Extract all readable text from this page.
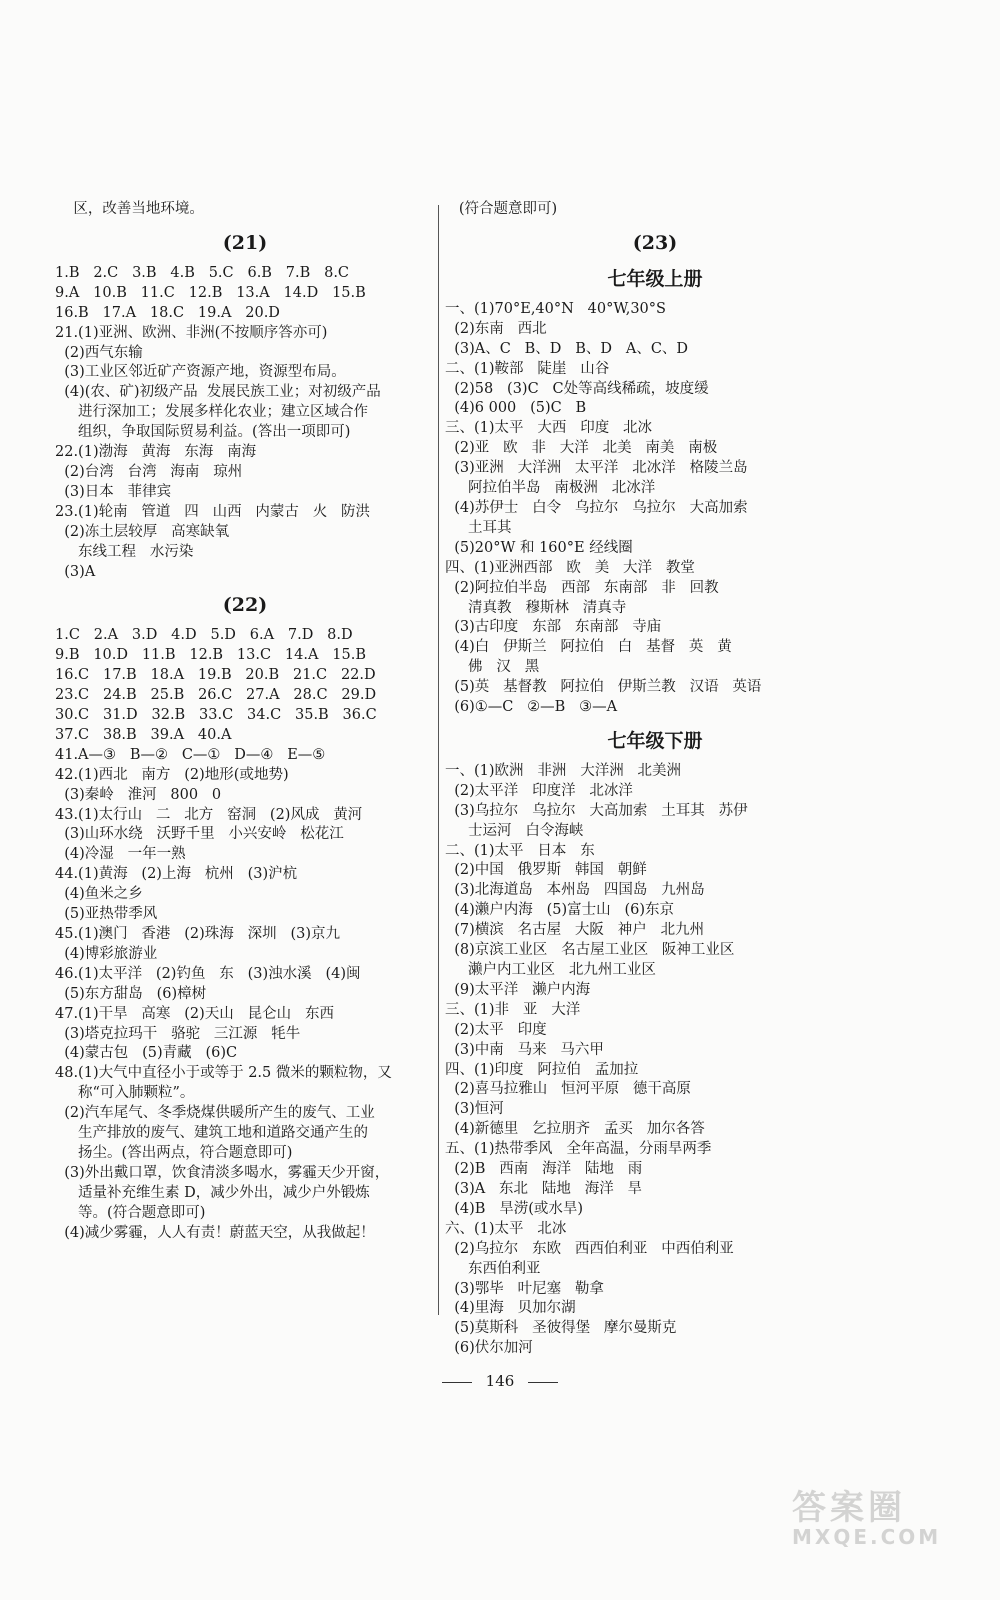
区，改善当地环境。
(21)
1.B   2.C   3.B   4.B   5.C   6.B   7.B   8.C
9.A   10.B   11.C   12.B   13.A   14.D   15.B
16.B   17.A   18.C   19.A   20.D
21.(1)亚洲、欧洲、非洲(不按顺序答亦可)
(2)西气东输
(3)工业区邻近矿产资源产地，资源型布局。
(4)(农、矿)初级产品  发展民族工业；对初级产品
进行深加工；发展多样化农业；建立区域合作
组织，争取国际贸易利益。(答出一项即可)
22.(1)渤海   黄海   东海   南海
(2)台湾   台湾   海南   琼州
(3)日本   菲律宾
23.(1)轮南   管道   四   山西   内蒙古   火   防洪
(2)冻土层较厚   高寒缺氧
东线工程   水污染
(3)A
(22)
1.C   2.A   3.D   4.D   5.D   6.A   7.D   8.D
9.B   10.D   11.B   12.B   13.C   14.A   15.B
16.C   17.B   18.A   19.B   20.B   21.C   22.D
23.C   24.B   25.B   26.C   27.A   28.C   29.D
30.C   31.D   32.B   33.C   34.C   35.B   36.C
37.C   38.B   39.A   40.A
41.A—③   B—②   C—①   D—④   E—⑤
42.(1)西北   南方   (2)地形(或地势)
(3)秦岭   淮河   800   0
43.(1)太行山   二   北方   窑洞   (2)风成   黄河
(3)山环水绕   沃野千里   小兴安岭   松花江
(4)冷湿   一年一熟
44.(1)黄海   (2)上海   杭州   (3)沪杭
(4)鱼米之乡
(5)亚热带季风
45.(1)澳门   香港   (2)珠海   深圳   (3)京九
(4)博彩旅游业
46.(1)太平洋   (2)钓鱼   东   (3)浊水溪   (4)闽
(5)东方甜岛   (6)樟树
47.(1)干旱   高寒   (2)天山   昆仑山   东西
(3)塔克拉玛干   骆驼   三江源   牦牛
(4)蒙古包   (5)青藏   (6)C
48.(1)大气中直径小于或等于 2.5 微米的颗粒物，又
称“可入肺颗粒”。
(2)汽车尾气、冬季烧煤供暖所产生的废气、工业
生产排放的废气、建筑工地和道路交通产生的
扬尘。(答出两点，符合题意即可)
(3)外出戴口罩，饮食清淡多喝水，雾霾天少开窗，
适量补充维生素 D，减少外出，减少户外锻炼
等。(符合题意即可)
(4)减少雾霾，人人有责！蔚蓝天空，从我做起！
(符合题意即可)
(23)
七年级上册
一、(1)70°E,40°N   40°W,30°S
(2)东南   西北
(3)A、C   B、D   B、D   A、C、D
二、(1)鞍部   陡崖   山谷
(2)58   (3)C   C处等高线稀疏，坡度缓
(4)6 000   (5)C   B
三、(1)太平   大西   印度   北冰
(2)亚   欧   非   大洋   北美   南美   南极
(3)亚洲   大洋洲   太平洋   北冰洋   格陵兰岛
阿拉伯半岛   南极洲   北冰洋
(4)苏伊士   白令   乌拉尔   乌拉尔   大高加索
土耳其
(5)20°W 和 160°E 经线圈
四、(1)亚洲西部   欧   美   大洋   教堂
(2)阿拉伯半岛   西部   东南部   非   回教
清真教   穆斯林   清真寺
(3)古印度   东部   东南部   寺庙
(4)白   伊斯兰   阿拉伯   白   基督   英   黄
佛   汉   黑
(5)英   基督教   阿拉伯   伊斯兰教   汉语   英语
(6)①—C   ②—B   ③—A
七年级下册
一、(1)欧洲   非洲   大洋洲   北美洲
(2)太平洋   印度洋   北冰洋
(3)乌拉尔   乌拉尔   大高加索   土耳其   苏伊
士运河   白令海峡
二、(1)太平   日本   东
(2)中国   俄罗斯   韩国   朝鲜
(3)北海道岛   本州岛   四国岛   九州岛
(4)濑户内海   (5)富士山   (6)东京
(7)横滨   名古屋   大阪   神户   北九州
(8)京滨工业区   名古屋工业区   阪神工业区
濑户内工业区   北九州工业区
(9)太平洋   濑户内海
三、(1)非   亚   大洋
(2)太平   印度
(3)中南   马来   马六甲
四、(1)印度   阿拉伯   孟加拉
(2)喜马拉雅山   恒河平原   德干高原
(3)恒河
(4)新德里   乞拉朋齐   孟买   加尔各答
五、(1)热带季风   全年高温，分雨旱两季
(2)B   西南   海洋   陆地   雨
(3)A   东北   陆地   海洋   旱
(4)B   旱涝(或水旱)
六、(1)太平   北冰
(2)乌拉尔   东欧   西西伯利亚   中西伯利亚
东西伯利亚
(3)鄂毕   叶尼塞   勒拿
(4)里海   贝加尔湖
(5)莫斯科   圣彼得堡   摩尔曼斯克
(6)伏尔加河
146
答案圈
MXQE.COM
